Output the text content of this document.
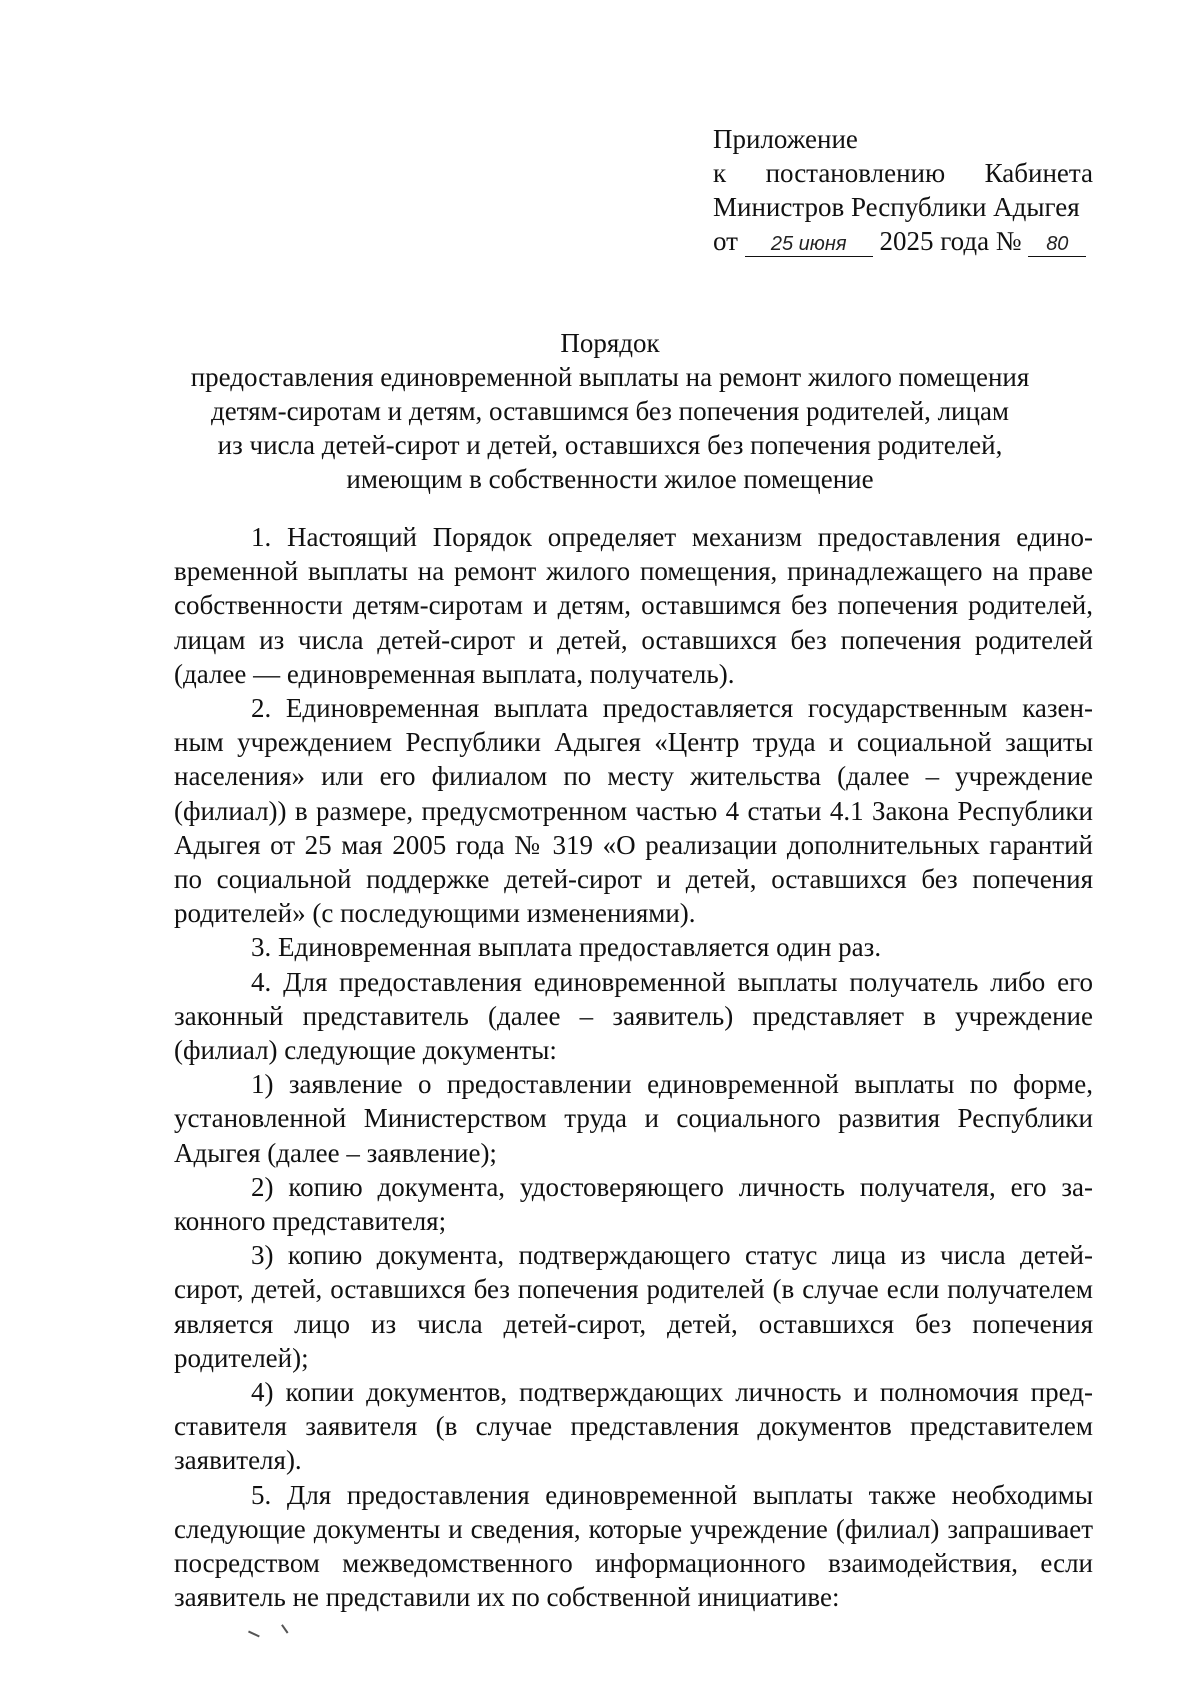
Приложение
к постановлению Кабинета
Министров Республики Адыгея
от 25 июня 2025 года № 80
Порядок
предоставления единовременной выплаты на ремонт жилого помещения
детям-сиротам и детям, оставшимся без попечения родителей, лицам
из числа детей-сирот и детей, оставшихся без попечения родителей,
имеющим в собственности жилое помещение

1. Настоящий Порядок определяет механизм предоставления единовременной выплаты на ремонт жилого помещения, принадлежащего на праве собственности детям-сиротам и детям, оставшимся без попечения родителей, лицам из числа детей-сирот и детей, оставшихся без попечения родителей (далее — единовременная выплата, получатель).

2. Единовременная выплата предоставляется государственным казенным учреждением Республики Адыгея «Центр труда и социальной защиты населения» или его филиалом по месту жительства (далее – учреждение (филиал)) в размере, предусмотренном частью 4 статьи 4.1 Закона Республики Адыгея от 25 мая 2005 года № 319 «О реализации дополнительных гарантий по социальной поддержке детей-сирот и детей, оставшихся без попечения родителей» (с последующими изменениями).

3. Единовременная выплата предоставляется один раз.

4. Для предоставления единовременной выплаты получатель либо его законный представитель (далее – заявитель) представляет в учреждение (филиал) следующие документы:

1) заявление о предоставлении единовременной выплаты по форме, установленной Министерством труда и социального развития Республики Адыгея (далее – заявление);

2) копию документа, удостоверяющего личность получателя, его законного представителя;

3) копию документа, подтверждающего статус лица из числа детей-сирот, детей, оставшихся без попечения родителей (в случае если получателем является лицо из числа детей-сирот, детей, оставшихся без попечения родителей);

4) копии документов, подтверждающих личность и полномочия представителя заявителя (в случае представления документов представителем заявителя).

5. Для предоставления единовременной выплаты также необходимы следующие документы и сведения, которые учреждение (филиал) запрашивает посредством межведомственного информационного взаимодействия, если заявитель не представили их по собственной инициативе:
